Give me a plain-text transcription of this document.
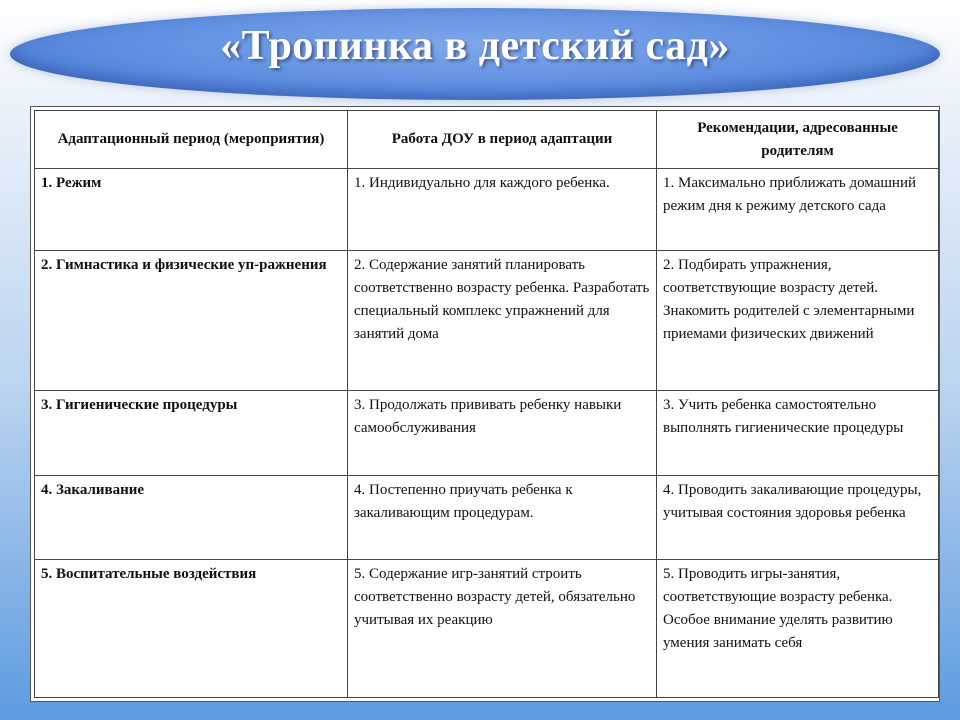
«Тропинка в детский сад»
Адаптационный период (мероприятия)	Работа ДОУ в период адаптации	Рекомендации, адресованные родителям
1. Режим	1. Индивидуально для каждого ребенка.	1. Максимально приближать домашний режим дня к режиму детского сада
2. Гимнастика и физические уп-ражнения	2. Содержание занятий планировать соответственно возрасту ребенка. Разработать специальный комплекс упражнений для занятий дома	2. Подбирать упражнения, соответствующие возрасту детей. Знакомить родителей с элементарными приемами физических движений
3. Гигиенические процедуры	3. Продолжать прививать ребенку навыки самообслуживания	3. Учить ребенка самостоятельно выполнять гигиенические процедуры
4. Закаливание	4. Постепенно приучать ребенка к закаливающим процедурам.	4. Проводить закаливающие процедуры, учитывая состояния здоровья ребенка
5. Воспитательные воздействия	5. Содержание игр-занятий строить соответственно возрасту детей, обязательно учитывая их реакцию	5. Проводить игры-занятия, соответствующие возрасту ребенка. Особое внимание уделять развитию умения занимать себя
